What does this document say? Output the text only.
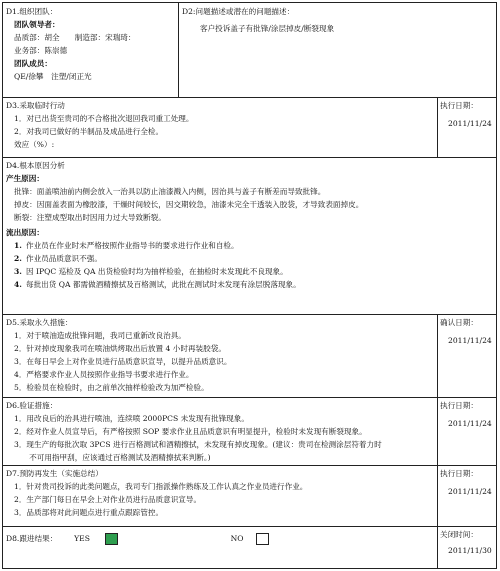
D1.组织团队：
团队领导者：
品质部：胡全　　制造部：宋瑞琦：
业务部：陈崇德
团队成员：
QE/徐攀　注塑/闭正光
D2:问题描述或潜在的问题描述：
客户投诉盖子有批锋/涂层掉皮/断裂现象
D3.采取临时行动
1．对已出货至贵司的不合格批次退回我司重工处理。
2．对我司已做好的半制品及成品进行全检。
效应（%）:
执行日期：
2011/11/24
D4.根本原因分析
产生原因：
批锋：面盖喷油前内侧会放入一治具以防止油漆溅入内侧，因治具与盖子有断差而导致批锋。
掉皮：因面盖表面为橡胶漆，干燥时间较长，因交期较急，油漆未完全干透装入胶袋，才导致表面掉皮。
断裂：注塑成型取出时因用力过大导致断裂。
流出原因：
1. 作业员在作业时未严格按照作业指导书的要求进行作业和自检。
2. 作业员品质意识不强。
3. 因 IPQC 巡检及 QA 出货检验时均为抽样检验，在抽检时未发现此不良现象。
4. 每批出货 QA 都需做酒精擦拭及百格测试，此批在测试时未发现有涂层脱落现象。
D5.采取永久措施：
1．对于喷油造成批锋问题，我司已重新改良治具。
2．针对掉皮现象我司在喷油烘烤取出后放置 4 小时再装胶袋。
3．在每日早会上对作业员进行品质意识宣导，以提升品质意识。
4．严格要求作业人员按照作业指导书要求进行作业。
5．检验员在检验时，由之前单次抽样检验改为加严检验。
确认日期：
2011/11/24
D6.验证措施：
1．用改良后的治具进行喷油，连续喷 2000PCS 未发现有批锋现象。
2．经对作业人员宣导后，有严格按照 SOP 要求作业且品质意识有明显提升，检验时未发现有断裂现象。
3．现生产的每批次取 3PCS 进行百格测试和酒精擦拭，未发现有掉皮现象。(建议：贵司在检测涂层符着力时
　　不可用指甲刮，应该通过百格测试及酒精擦拭来判断。)
执行日期：
2011/11/24
D7.预防再发生（实施总结）
1．针对贵司投诉的此类问题点，我司专门指派操作熟练及工作认真之作业员进行作业。
2．生产部门每日在早会上对作业员进行品质意识宣导。
3．品质部将对此问题点进行重点跟踪管控。
执行日期：
2011/11/24
D8.跟进结果： YES	NO	关闭时间：
2011/11/30
